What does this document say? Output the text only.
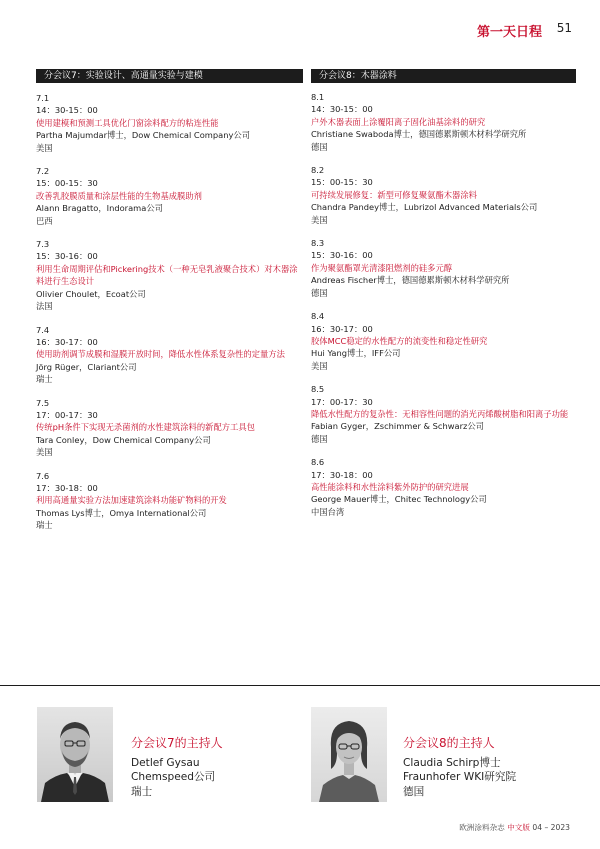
第一天日程 51
分会议7：实验设计、高通量实验与建模
7.1
14：30-15：00
使用建模和预测工具优化门窗涂料配方的粘连性能
Partha Majumdar博士，Dow Chemical Company公司
美国
7.2
15：00-15：30
改善乳胶膜质量和涂层性能的生物基成膜助剂
Alann Bragatto，Indorama公司
巴西
7.3
15：30-16：00
利用生命周期评估和Pickering技术（一种无皂乳液聚合技术）对木器涂料进行生态设计
Olivier Choulet，Ecoat公司
法国
7.4
16：30-17：00
使用助剂调节成膜和湿膜开放时间，降低水性体系复杂性的定量方法
Jörg Rüger，Clariant公司
瑞士
7.5
17：00-17：30
传统pH条件下实现无杀菌剂的水性建筑涂料的新配方工具包
Tara Conley，Dow Chemical Company公司
美国
7.6
17：30-18：00
利用高通量实验方法加速建筑涂料功能矿物料的开发
Thomas Lys博士，Omya International公司
瑞士
分会议8：木器涂料
8.1
14：30-15：00
户外木器表面上涂覆阳离子固化油基涂料的研究
Christiane Swaboda博士，德国德累斯顿木材科学研究所
德国
8.2
15：00-15：30
可持续发展修复：新型可修复聚氨酯木器涂料
Chandra Pandey博士，Lubrizol Advanced Materials公司
美国
8.3
15：30-16：00
作为聚氨酯罩光清漆阻燃剂的硅多元醇
Andreas Fischer博士，德国德累斯顿木材科学研究所
德国
8.4
16：30-17：00
胶体MCC稳定的水性配方的流变性和稳定性研究
Hui Yang博士，IFF公司
美国
8.5
17：00-17：30
降低水性配方的复杂性：无相容性问题的消光丙烯酸树脂和阳离子功能
Fabian Gyger，Zschimmer & Schwarz公司
德国
8.6
17：30-18：00
高性能涂料和水性涂料紫外防护的研究进展
George Mauer博士，Chitec Technology公司
中国台湾
分会议7的主持人
Detlef Gysau
Chemspeed公司
瑞士
分会议8的主持人
Claudia Schirp博士
Fraunhofer WKI研究院
德国
欧洲涂料杂志 中文版 04 – 2023
